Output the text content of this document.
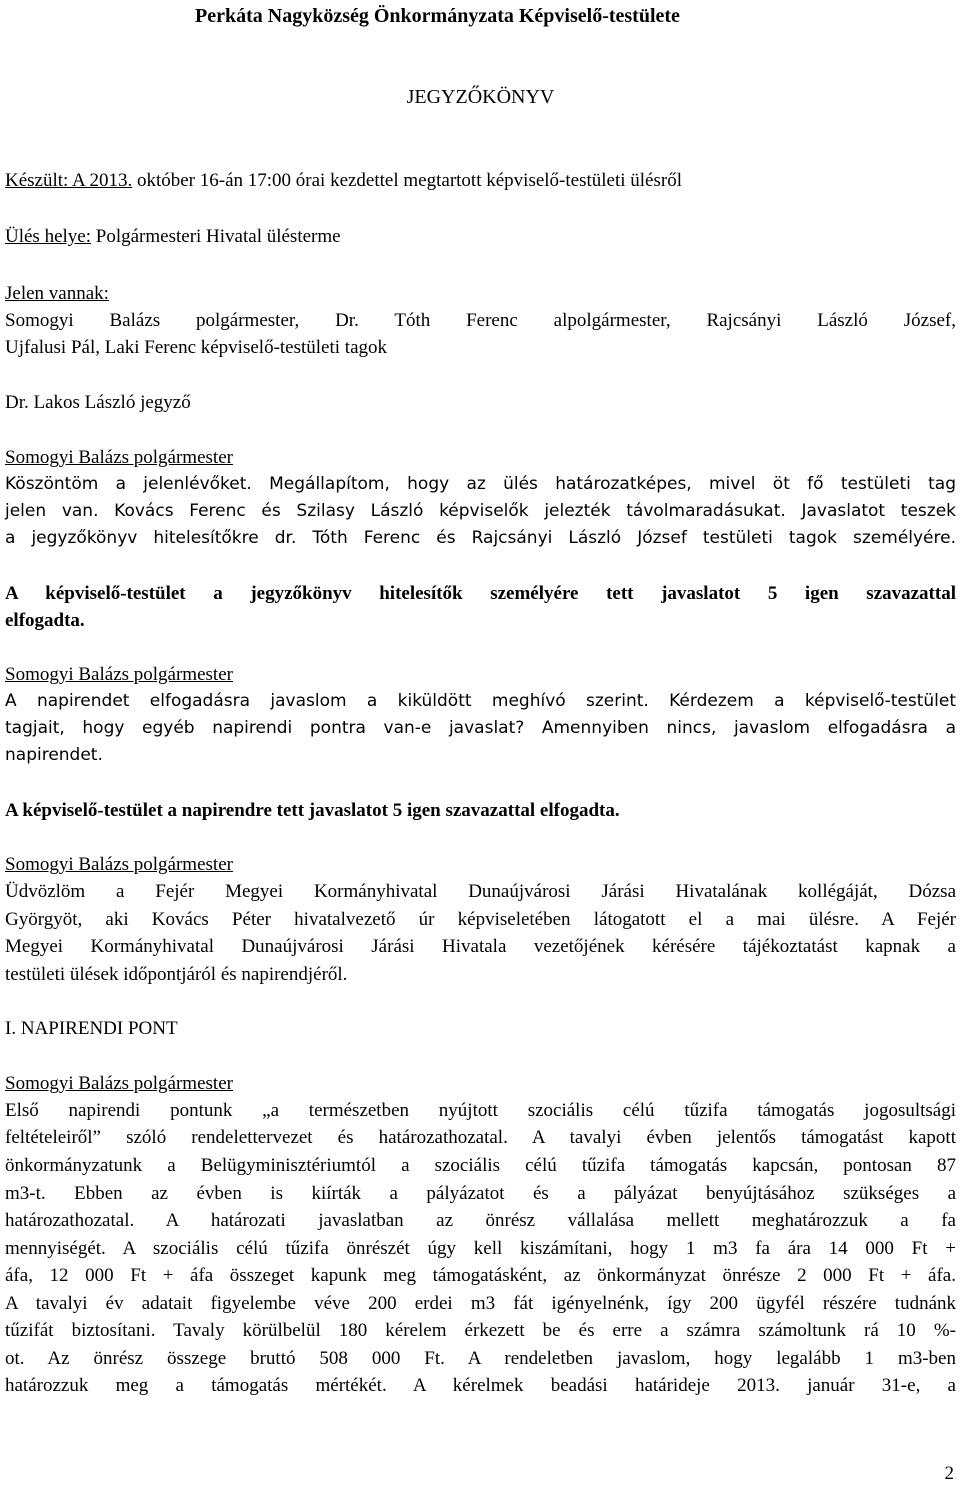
Perkáta Nagyközség Önkormányzata Képviselő-testülete
JEGYZŐKÖNYV
Készült: A 2013. október 16-án 17:00 órai kezdettel megtartott képviselő-testületi ülésről
Ülés helye: Polgármesteri Hivatal ülésterme
Jelen vannak:
Somogyi Balázs polgármester, Dr. Tóth Ferenc alpolgármester, Rajcsányi László József,
Ujfalusi Pál, Laki Ferenc képviselő-testületi tagok
Dr. Lakos László jegyző
Somogyi Balázs polgármester
Köszöntöm a jelenlévőket. Megállapítom, hogy az ülés határozatképes, mivel öt fő testületi tag
jelen van. Kovács Ferenc és Szilasy László képviselők jelezték távolmaradásukat. Javaslatot teszek
a jegyzőkönyv hitelesítőkre dr. Tóth Ferenc és Rajcsányi László József testületi tagok személyére.
A képviselő-testület a jegyzőkönyv hitelesítők személyére tett javaslatot 5 igen szavazattal
elfogadta.
Somogyi Balázs polgármester
A napirendet elfogadásra javaslom a kiküldött meghívó szerint. Kérdezem a képviselő-testület
tagjait, hogy egyéb napirendi pontra van-e javaslat? Amennyiben nincs, javaslom elfogadásra a
napirendet.
A képviselő-testület a napirendre tett javaslatot 5 igen szavazattal elfogadta.
Somogyi Balázs polgármester
Üdvözlöm a Fejér Megyei Kormányhivatal Dunaújvárosi Járási Hivatalának kollégáját, Dózsa
Györgyöt, aki Kovács Péter hivatalvezető úr képviseletében látogatott el a mai ülésre. A Fejér
Megyei Kormányhivatal Dunaújvárosi Járási Hivatala vezetőjének kérésére tájékoztatást kapnak a
testületi ülések időpontjáról és napirendjéről.
I. NAPIRENDI PONT
Somogyi Balázs polgármester
Első napirendi pontunk „a természetben nyújtott szociális célú tűzifa támogatás jogosultsági
feltételeiről” szóló rendelettervezet és határozathozatal. A tavalyi évben jelentős támogatást kapott
önkormányzatunk a Belügyminisztériumtól a szociális célú tűzifa támogatás kapcsán, pontosan 87
m3-t. Ebben az évben is kiírták a pályázatot és a pályázat benyújtásához szükséges a
határozathozatal. A határozati javaslatban az önrész vállalása mellett meghatározzuk a fa
mennyiségét. A szociális célú tűzifa önrészét úgy kell kiszámítani, hogy 1 m3 fa ára 14 000 Ft +
áfa, 12 000 Ft + áfa összeget kapunk meg támogatásként, az önkormányzat önrésze 2 000 Ft + áfa.
A tavalyi év adatait figyelembe véve 200 erdei m3 fát igényelnénk, így 200 ügyfél részére tudnánk
tűzifát biztosítani. Tavaly körülbelül 180 kérelem érkezett be és erre a számra számoltunk rá 10 %-
ot. Az önrész összege bruttó 508 000 Ft. A rendeletben javaslom, hogy legalább 1 m3-ben
határozzuk meg a támogatás mértékét. A kérelmek beadási határideje 2013. január 31-e, a
2
